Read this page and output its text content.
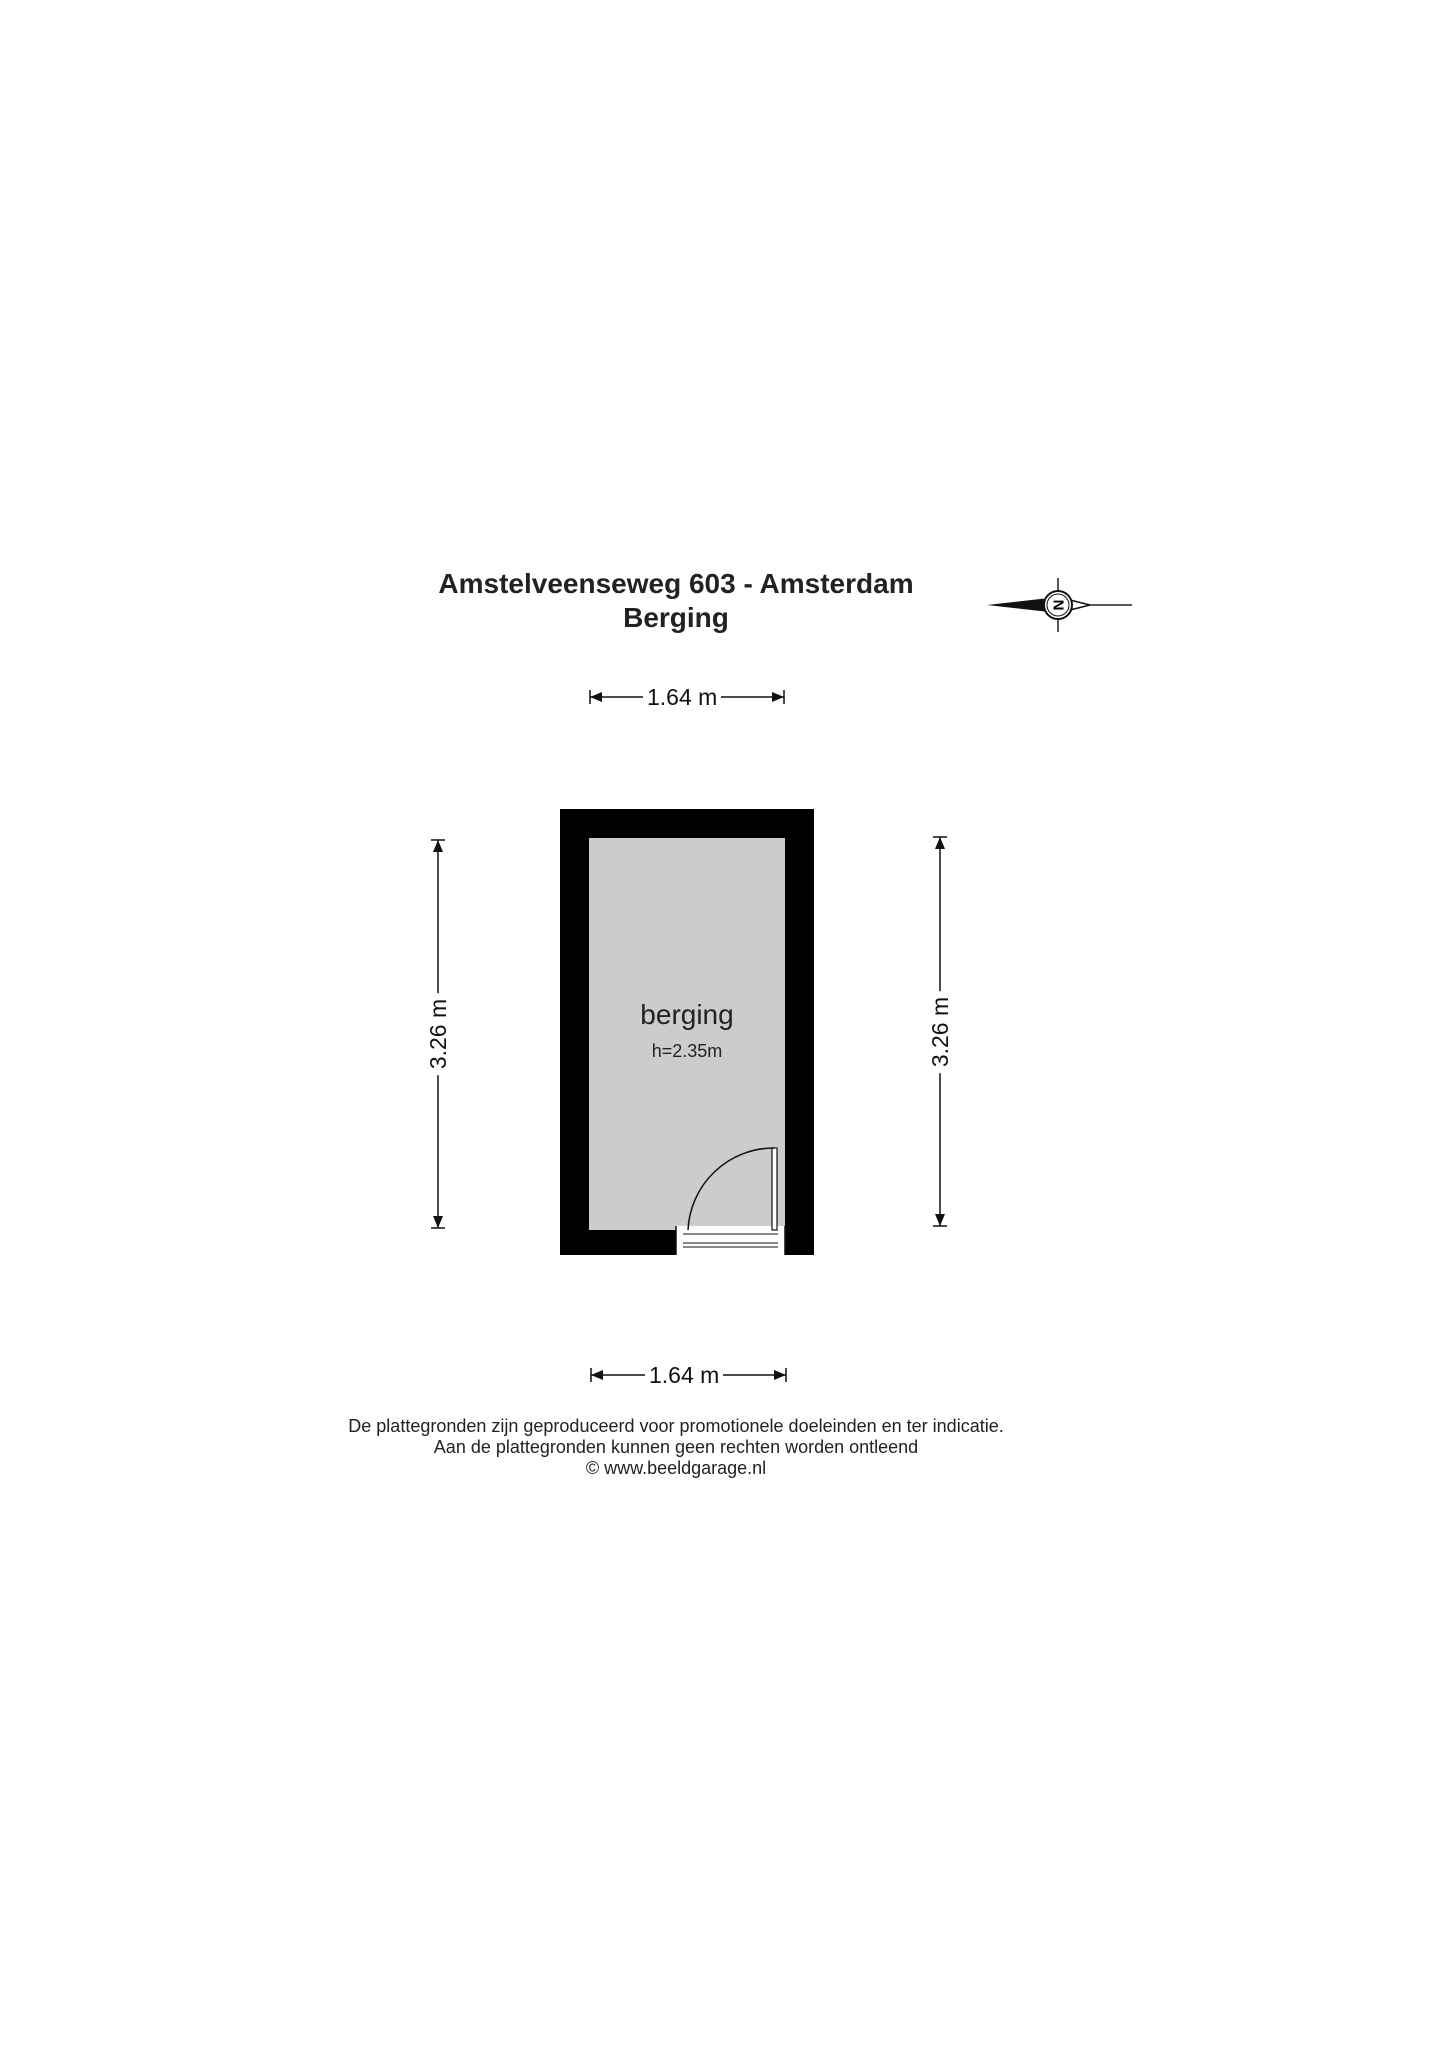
Amstelveenseweg 603 - Amsterdam
Berging	N
1.64 m
1.64 m
3.26 m	3.26 m
berging
h=2.35m
De plattegronden zijn geproduceerd voor promotionele doeleinden en ter indicatie.
Aan de plattegronden kunnen geen rechten worden ontleend
© www.beeldgarage.nl
